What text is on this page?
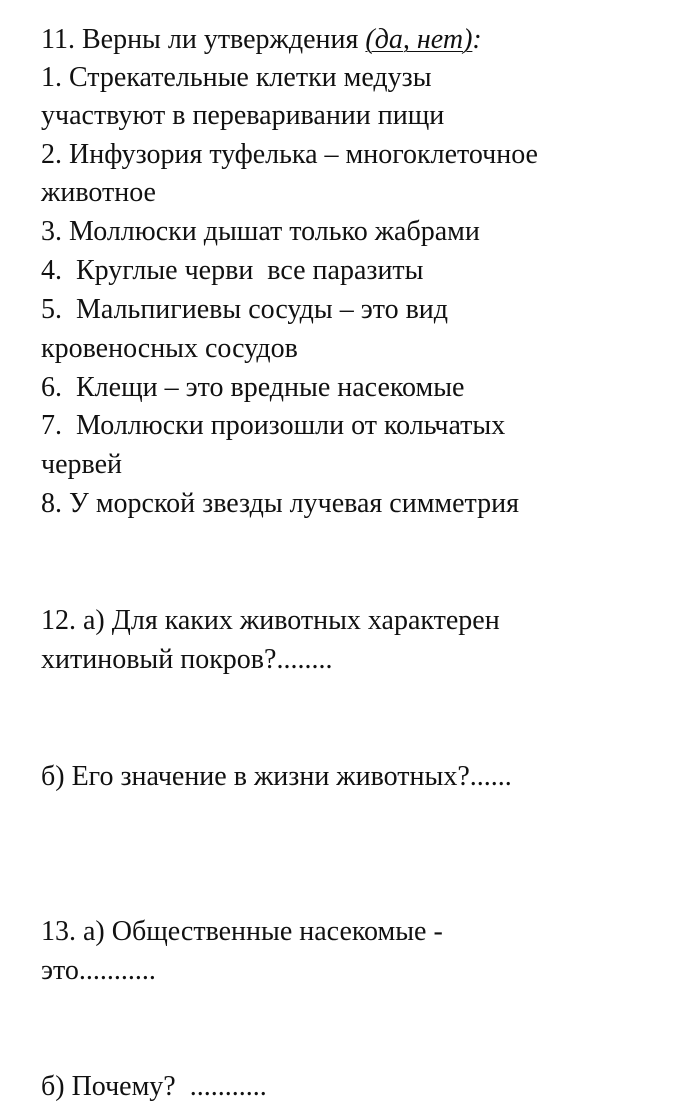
11. Верны ли утверждения (да, нет):

1. Стрекательные клетки медузы

участвуют в переваривании пищи

2. Инфузория туфелька – многоклеточное

животное

3. Моллюски дышат только жабрами

4.  Круглые черви  все паразиты

5.  Мальпигиевы сосуды – это вид

кровеносных сосудов

6.  Клещи – это вредные насекомые

7.  Моллюски произошли от кольчатых

червей

8. У морской звезды лучевая симметрия

12. а) Для каких животных характерен

хитиновый покров?........

б) Его значение в жизни животных?......

13. а) Общественные насекомые -

это...........

б) Почему?  ...........
